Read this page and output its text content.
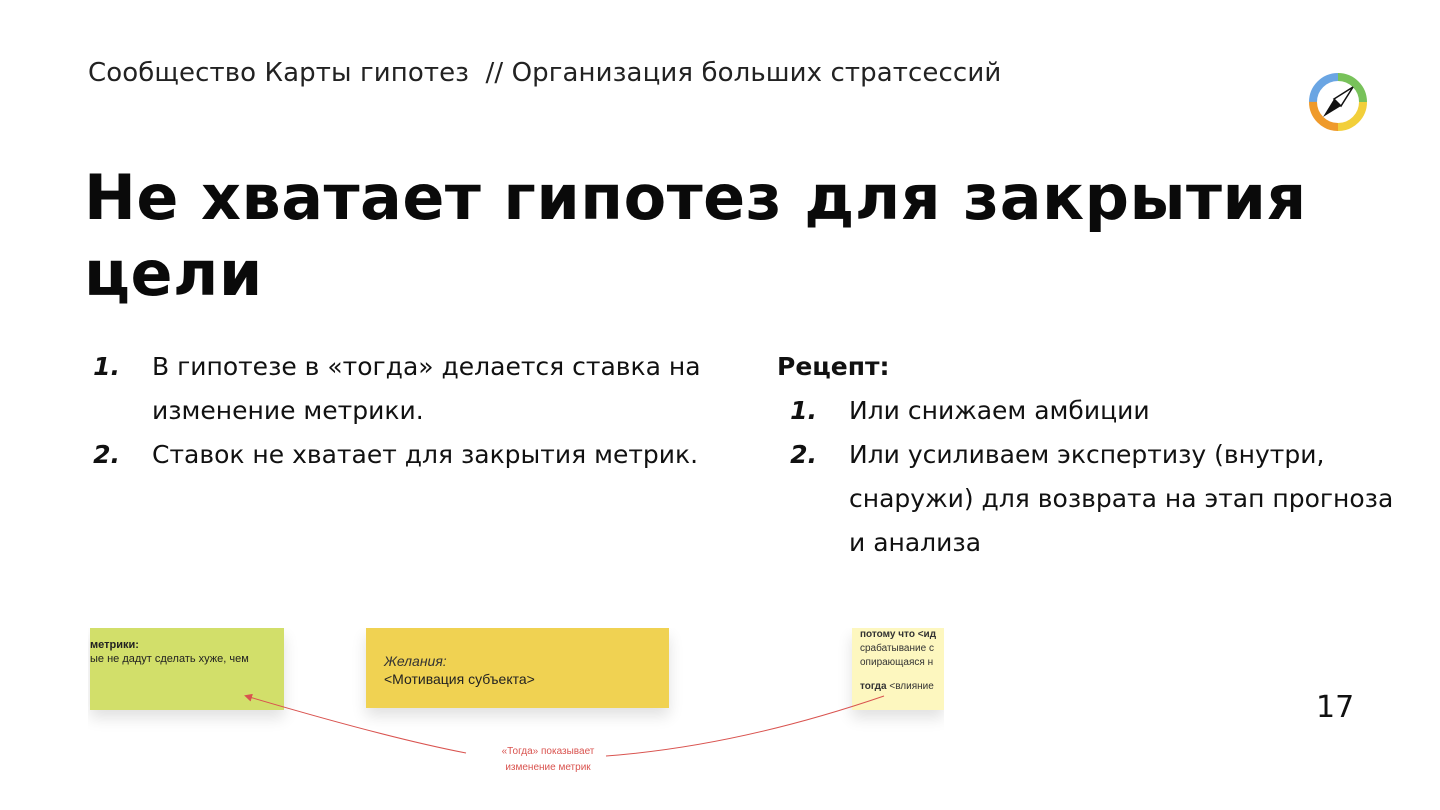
Сообщество Карты гипотез // Организация больших стратсессий
Не хватает гипотез для закрытия цели
1. В гипотезе в «тогда» делается ставка на изменение метрики.
2. Ставок не хватает для закрытия метрик.
Рецепт:
1. Или снижаем амбиции
2. Или усиливаем экспертизу (внутри, снаружи) для возврата на этап прогноза и анализа
метрики:
ые не дадут сделать хуже, чем	Желания:
<Мотивация субъекта>
потому что <ид
срабатывание с
опирающаяся н
тогда <влияние
«Тогда» показывает
изменение метрик
17
